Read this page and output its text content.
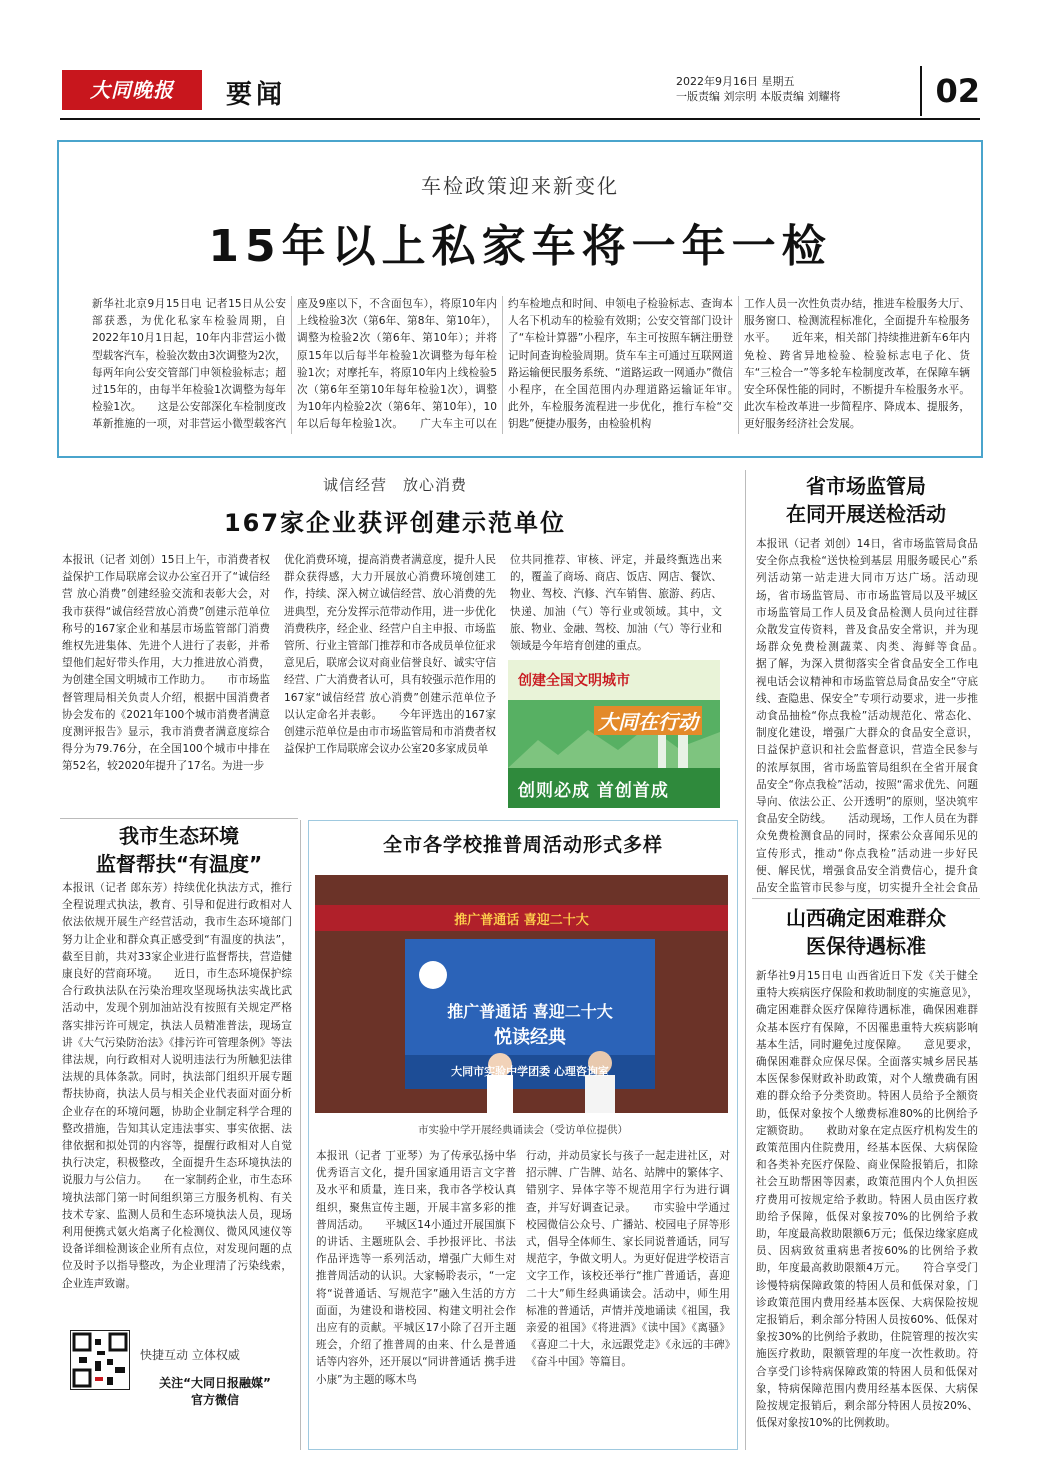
大同晚报	要闻	2022年9月16日 星期五
一版责编 刘宗明 本版责编 刘耀将	02
车检政策迎来新变化
15年以上私家车将一年一检
新华社北京9月15日电 记者15日从公安部获悉，为优化私家车检验周期，自2022年10月1日起，10年内非营运小微型载客汽车，检验次数由3次调整为2次，每两年向公安交管部门申领检验标志；超过15年的，由每半年检验1次调整为每年检验1次。　　这是公安部深化车检制度改革新推施的一项，对非营运小微型载客汽
座及9座以下，不含面包车），将原10年内上线检验3次（第6年、第8年、第10年），调整为检验2次（第6年、第10年）；并将原15年以后每半年检验1次调整为每年检验1次；对摩托车，将原10年内上线检验5次（第6年至第10年每年检验1次），调整为10年内检验2次（第6年、第10年），10年以后每年检验1次。　　广大车主可以在
约车检地点和时间、申领电子检验标志、查询本人名下机动车的检验有效期；公安交管部门设计了“车检计算器”小程序，车主可按照车辆注册登记时间查询检验周期。货车车主可通过互联网道路运输便民服务系统、“道路运政一网通办”微信小程序，在全国范围内办理道路运输证年审。　　此外，车检服务流程进一步优化，推行车检“交钥匙”便捷办服务，由检验机构
工作人员一次性负责办结，推进车检服务大厅、服务窗口、检测流程标准化，全面提升车检服务水平。　　近年来，相关部门持续推进新车6年内免检、跨省异地检验、检验标志电子化、货车“三检合一”等多轮车检制度改革，在保障车辆安全环保性能的同时，不断提升车检服务水平。此次车检改革进一步简程序、降成本、提服务，更好服务经济社会发展。
诚信经营　放心消费
167家企业获评创建示范单位
本报讯（记者 刘创）15日上午，市消费者权益保护工作局联席会议办公室召开了“诚信经营 放心消费”创建经验交流和表彰大会，对我市获得“诚信经营放心消费”创建示范单位称号的167家企业和基层市场监管部门消费维权先进集体、先进个人进行了表彰，并希望他们起好带头作用，大力推进放心消费，为创建全国文明城市工作助力。　　市市场监督管理局相关负责人介绍，根据中国消费者协会发布的《2021年100个城市消费者满意度测评报告》显示，我市消费者满意度综合得分为79.76分，在全国100个城市中排在第52名，较2020年提升了17名。为进一步
优化消费环境，提高消费者满意度，提升人民群众获得感，大力开展放心消费环境创建工作，持续、深入树立诚信经营、放心消费的先进典型，充分发挥示范带动作用，进一步优化消费秩序，经企业、经营户自主申报、市场监管所、行业主管部门推荐和市各成员单位征求意见后，联席会议对商业信誉良好、诚实守信经营、广大消费者认可，具有较强示范作用的167家“诚信经营 放心消费”创建示范单位予以认定命名并表彰。　　今年评选出的167家创建示范单位是由市市场监管局和市消费者权益保护工作局联席会议办公室20多家成员单
位共同推荐、审核、评定，并最终甄选出来的，覆盖了商场、商店、饭店、网店、餐饮、物业、驾校、汽修、汽车销售、旅游、药店、快递、加油（气）等行业或领域。其中，文旅、物业、金融、驾校、加油（气）等行业和领域是今年培育创建的重点。
创建全国文明城市
大同在行动
创则必成 首创首成
我市生态环境
监督帮扶“有温度”
本报讯（记者 郎东芳）持续优化执法方式，推行全程说理式执法，教育、引导和促进行政相对人依法依规开展生产经营活动，我市生态环境部门努力让企业和群众真正感受到“有温度的执法”，截至目前，共对33家企业进行监督帮扶，营造健康良好的营商环境。　　近日，市生态环境保护综合行政执法队在污染治理攻坚现场执法实战比武活动中，发现个别加油站没有按照有关规定严格落实排污许可规定，执法人员精准普法，现场宣讲《大气污染防治法》《排污许可管理条例》等法律法规，向行政相对人说明违法行为所触犯法律法规的具体条款。同时，执法部门组织开展专题帮扶协商，执法人员与相关企业代表面对面分析企业存在的环境问题，协助企业制定科学合理的整改措施，告知其认定违法事实、事实依据、法律依据和拟处罚的内容等，提醒行政相对人自觉执行决定，积极整改，全面提升生态环境执法的说服力与公信力。　　在一家制药企业，市生态环境执法部门第一时间组织第三方服务机构、有关技术专家、监测人员和生态环境执法人员，现场利用便携式氨火焰离子化检测仪、微风风速仪等设备详细检测该企业所有点位，对发现问题的点位及时予以指导整改，为企业理清了污染线索，企业连声致谢。
快捷互动 立体权威
关注“大同日报融媒”
官方微信
全市各学校推普周活动形式多样
推广普通话 喜迎二十大
推广普通话 喜迎二十大
悦读经典
大同市实验中学团委 心理咨询室
市实验中学开展经典诵读会（受访单位提供）
本报讯（记者 丁亚琴）为了传承弘扬中华优秀语言文化，提升国家通用语言文字普及水平和质量，连日来，我市各学校认真组织，聚焦宣传主题，开展丰富多彩的推普周活动。　　平城区14小通过开展国旗下的讲话、主题班队会、手抄报评比、书法作品评选等一系列活动，增强广大师生对推普周活动的认识。大家畅聆表示，“一定将“说普通话、写规范字”融入生活的方方面面，为建设和谐校园、构建文明社会作出应有的贡献。平城区17小除了召开主题班会，介绍了推普周的由来、什么是普通话等内容外，还开展以“同讲普通话 携手进小康”为主题的啄木鸟
行动，并动员家长与孩子一起走进社区，对招示牌、广告牌、站名、站牌中的繁体字、错别字、异体字等不规范用字行为进行调查，并写好调查记录。　　市实验中学通过校园微信公众号、广播站、校园电子屏等形式，倡导全体师生、家长同说普通话，同写规范字，争做文明人。为更好促进学校语言文字工作，该校还举行“推广普通话，喜迎二十大”师生经典诵读会。活动中，师生用标准的普通话，声情并茂地诵读《祖国，我亲爱的祖国》《将进酒》《读中国》《离骚》《喜迎二十大，永远跟党走》《永远的丰碑》《奋斗中国》等篇目。
省市场监管局
在同开展送检活动
本报讯（记者 刘创）14日，省市场监管局食品安全你点我检“送快检到基层 用服务暖民心”系列活动第一站走进大同市万达广场。活动现场，省市场监管局、市市场监管局以及平城区市场监管局工作人员及食品检测人员向过往群众散发宣传资料，普及食品安全常识，并为现场群众免费检测蔬菜、肉类、海鲜等食品。　　据了解，为深入贯彻落实全省食品安全工作电视电话会议精神和市场监管总局食品安全“守底线、查隐患、保安全”专项行动要求，进一步推动食品抽检“你点我检”活动规范化、常态化、制度化建设，增强广大群众的食品安全意识，日益保护意识和社会监督意识，营造全民参与的浓厚氛围，省市场监管局组织在全省开展食品安全“你点我检”活动，按照“需求优先、问题导向、依法公正、公开透明”的原则，坚决筑牢食品安全防线。　　活动现场，工作人员在为群众免费检测食品的同时，探索公众喜闻乐见的宣传形式，推动“你点我检”活动进一步好民便、解民忧，增强食品安全消费信心，提升食品安全监管市民参与度，切实提升全社会食品
山西确定困难群众
医保待遇标准
新华社9月15日电 山西省近日下发《关于健全重特大疾病医疗保险和救助制度的实施意见》，确定困难群众医疗保障待遇标准，确保困难群众基本医疗有保障，不因罹患重特大疾病影响基本生活，同时避免过度保障。　　意见要求，确保困难群众应保尽保。全面落实城乡居民基本医保参保财政补助政策，对个人缴费确有困难的群众给予分类资助。特困人员给予全额资助，低保对象按个人缴费标准80%的比例给予定额资助。　　救助对象在定点医疗机构发生的政策范围内住院费用，经基本医保、大病保险和各类补充医疗保险、商业保险报销后，扣除社会互助帮困等因素，政策范围内个人负担医疗费用可按规定给予救助。特困人员由医疗救助给予保障，低保对象按70%的比例给予救助，年度最高救助限额6万元；低保边缘家庭成员、因病致贫重病患者按60%的比例给予救助，年度最高救助限额4万元。　　符合享受门诊慢特病保障政策的特困人员和低保对象，门诊政策范围内费用经基本医保、大病保险按规定报销后，剩余部分特困人员按60%、低保对象按30%的比例给予救助，住院管理的按次实施医疗救助，限额管理的年度一次性救助。符合享受门诊特病保障政策的特困人员和低保对象，特病保障范围内费用经基本医保、大病保险按规定报销后，剩余部分特困人员按20%、低保对象按10%的比例救助。
